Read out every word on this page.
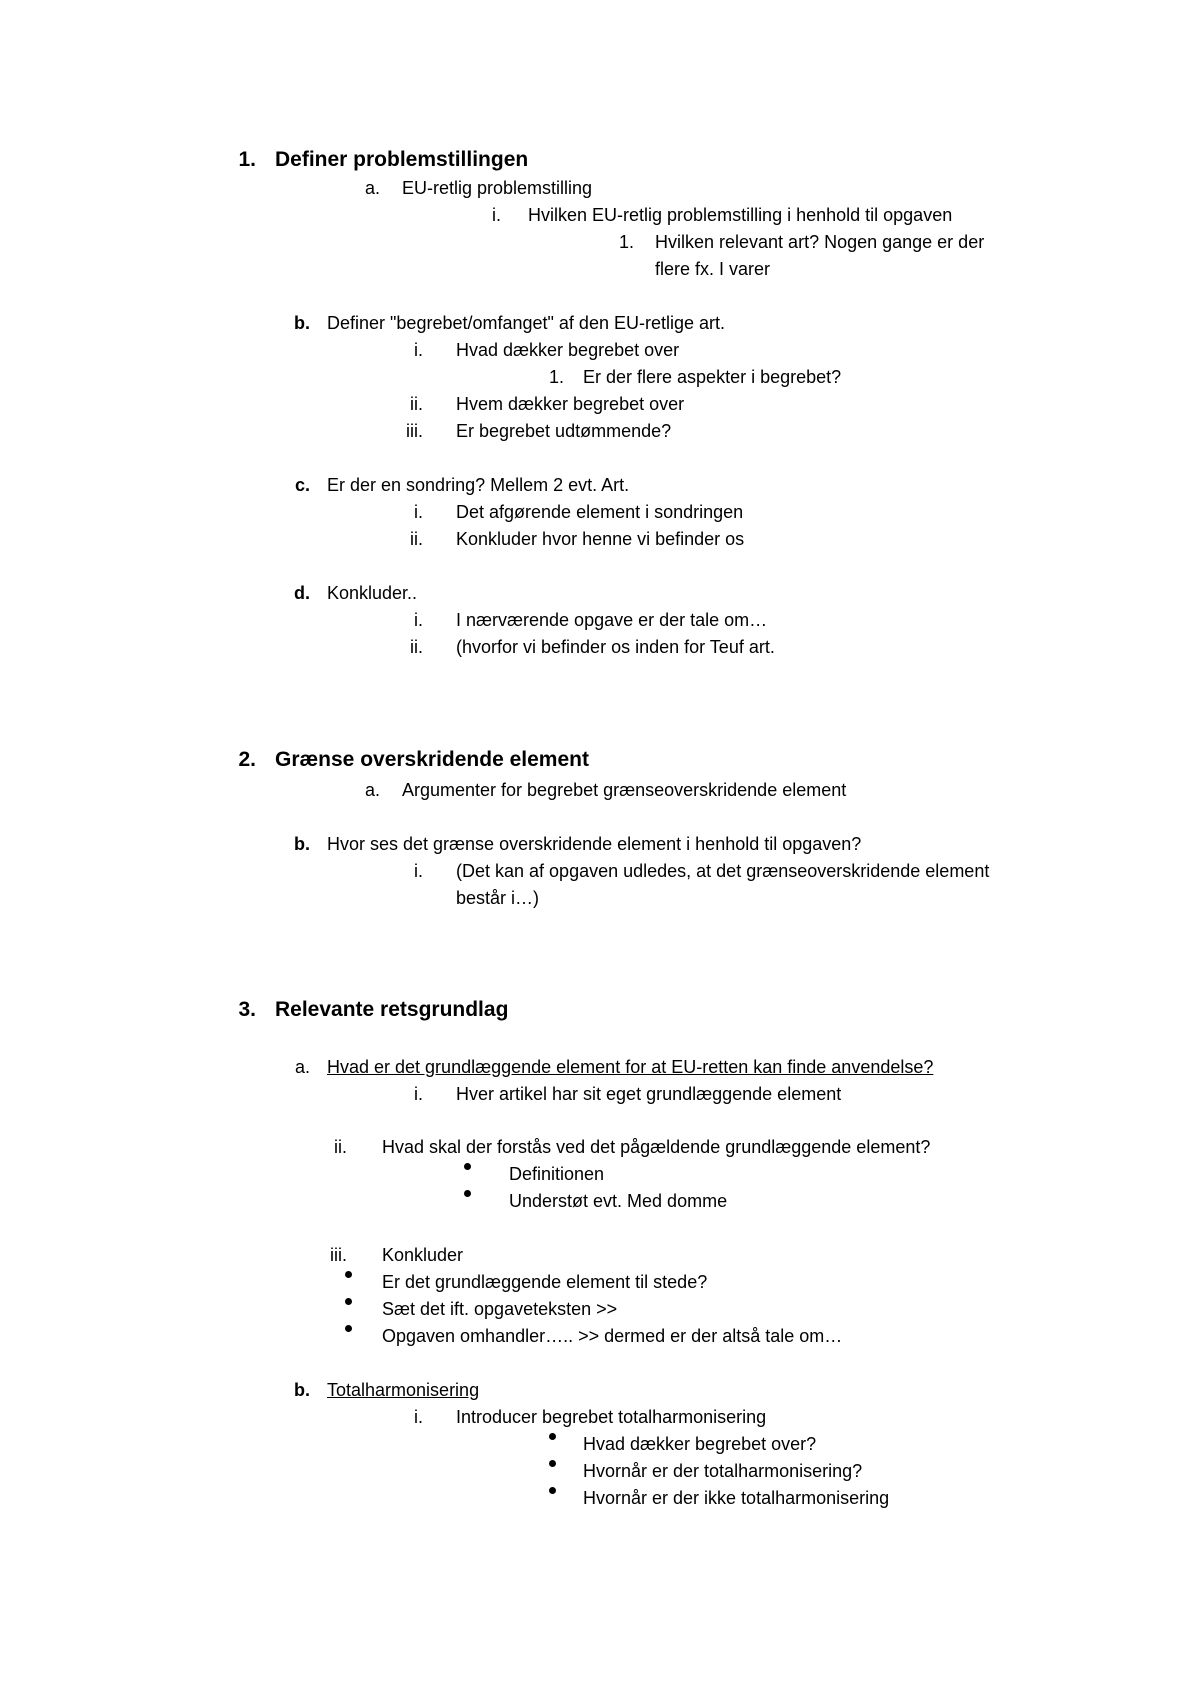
1. Definer problemstillingen
a. EU-retlig problemstilling
i. Hvilken EU-retlig problemstilling i henhold til opgaven
1. Hvilken relevant art? Nogen gange er der
flere fx. I varer
b. Definer "begrebet/omfanget" af den EU-retlige art.
i. Hvad dækker begrebet over
1. Er der flere aspekter i begrebet?
ii. Hvem dækker begrebet over
iii. Er begrebet udtømmende?
c. Er der en sondring? Mellem 2 evt. Art.
i. Det afgørende element i sondringen
ii. Konkluder hvor henne vi befinder os
d. Konkluder..
i. I nærværende opgave er der tale om…
ii. (hvorfor vi befinder os inden for Teuf art.
2. Grænse overskridende element
a. Argumenter for begrebet grænseoverskridende element
b. Hvor ses det grænse overskridende element i henhold til opgaven?
i. (Det kan af opgaven udledes, at det grænseoverskridende element
består i…)
3. Relevante retsgrundlag
a. Hvad er det grundlæggende element for at EU-retten kan finde anvendelse?
i. Hver artikel har sit eget grundlæggende element
ii. Hvad skal der forstås ved det pågældende grundlæggende element?
Definitionen
Understøt evt. Med domme
iii. Konkluder
Er det grundlæggende element til stede?
Sæt det ift. opgaveteksten >>
Opgaven omhandler….. >> dermed er der altså tale om…
b. Totalharmonisering
i. Introducer begrebet totalharmonisering
Hvad dækker begrebet over?
Hvornår er der totalharmonisering?
Hvornår er der ikke totalharmonisering
